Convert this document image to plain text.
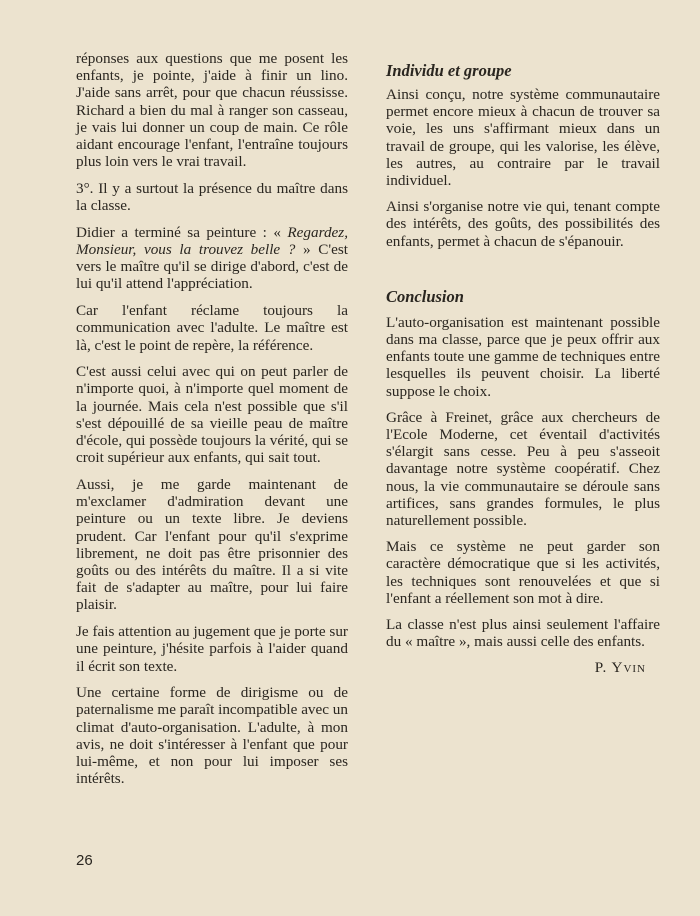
réponses aux questions que me posent les enfants, je pointe, j'aide à finir un lino. J'aide sans arrêt, pour que chacun réussisse. Richard a bien du mal à ranger son casseau, je vais lui donner un coup de main. Ce rôle aidant encourage l'enfant, l'entraîne toujours plus loin vers le vrai travail.

3°. Il y a surtout la présence du maître dans la classe.

Didier a terminé sa peinture : « Regardez, Monsieur, vous la trouvez belle ? » C'est vers le maître qu'il se dirige d'abord, c'est de lui qu'il attend l'appréciation.

Car l'enfant réclame toujours la communication avec l'adulte. Le maître est là, c'est le point de repère, la référence.

C'est aussi celui avec qui on peut parler de n'importe quoi, à n'importe quel moment de la journée. Mais cela n'est possible que s'il s'est dépouillé de sa vieille peau de maître d'école, qui possède toujours la vérité, qui se croit supérieur aux enfants, qui sait tout.

Aussi, je me garde maintenant de m'exclamer d'admiration devant une peinture ou un texte libre. Je deviens prudent. Car l'enfant pour qu'il s'exprime librement, ne doit pas être prisonnier des goûts ou des intérêts du maître. Il a si vite fait de s'adapter au maître, pour lui faire plaisir.

Je fais attention au jugement que je porte sur une peinture, j'hésite parfois à l'aider quand il écrit son texte.

Une certaine forme de dirigisme ou de paternalisme me paraît incompatible avec un climat d'auto-organisation. L'adulte, à mon avis, ne doit s'intéresser à l'enfant que pour lui-même, et non pour lui imposer ses intérêts.

Individu et groupe

Ainsi conçu, notre système communautaire permet encore mieux à chacun de trouver sa voie, les uns s'affirmant mieux dans un travail de groupe, qui les valorise, les élève, les autres, au contraire par le travail individuel.

Ainsi s'organise notre vie qui, tenant compte des intérêts, des goûts, des possibilités des enfants, permet à chacun de s'épanouir.

Conclusion

L'auto-organisation est maintenant possible dans ma classe, parce que je peux offrir aux enfants toute une gamme de techniques entre lesquelles ils peuvent choisir. La liberté suppose le choix.

Grâce à Freinet, grâce aux chercheurs de l'Ecole Moderne, cet éventail d'activités s'élargit sans cesse. Peu à peu s'asseoit davantage notre système coopératif. Chez nous, la vie communautaire se déroule sans artifices, sans grandes formules, le plus naturellement possible.

Mais ce système ne peut garder son caractère démocratique que si les activités, les techniques sont renouvelées et que si l'enfant a réellement son mot à dire.

La classe n'est plus ainsi seulement l'affaire du « maître », mais aussi celle des enfants.

P. Yvin
26
